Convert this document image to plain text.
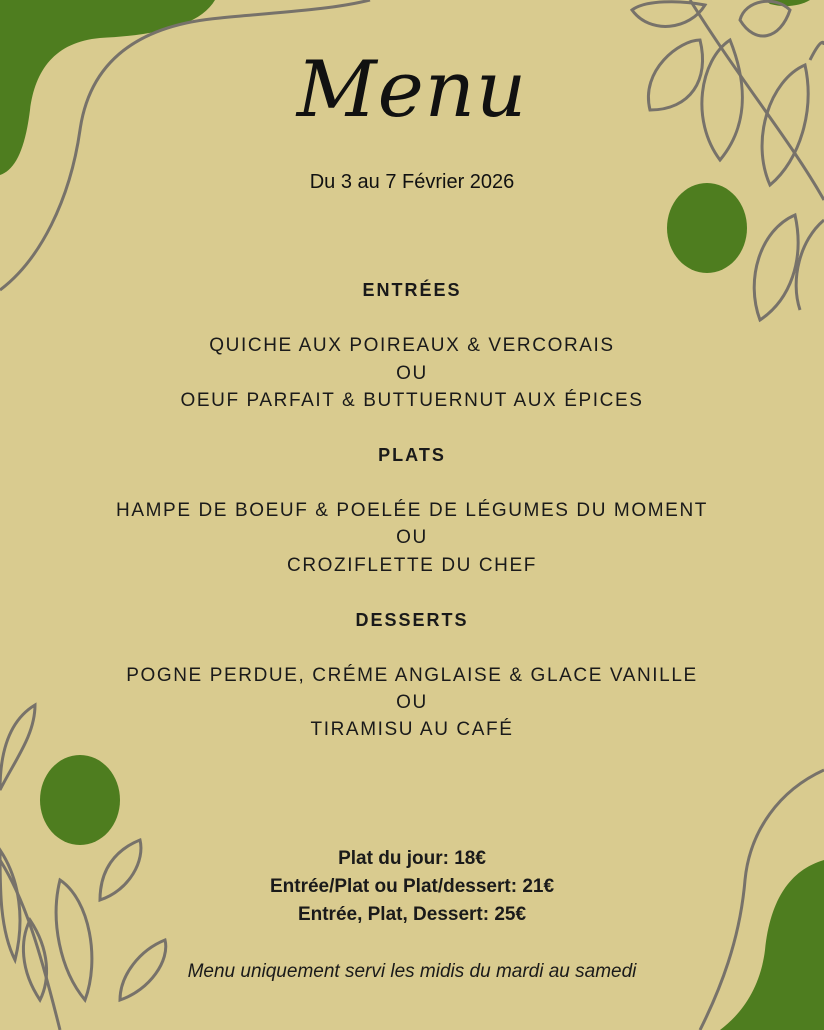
Menu
Du 3 au 7 Février 2026
ENTRÉES
QUICHE AUX POIREAUX & VERCORAIS
OU
OEUF PARFAIT & BUTTUERNUT AUX ÉPICES
PLATS
HAMPE DE BOEUF & POELÉE DE LÉGUMES DU MOMENT
OU
CROZIFLETTE DU CHEF
DESSERTS
POGNE PERDUE, CRÉME ANGLAISE & GLACE VANILLE
OU
TIRAMISU AU CAFÉ
Plat du jour: 18€
Entrée/Plat ou Plat/dessert: 21€
Entrée, Plat, Dessert: 25€
Menu uniquement servi les midis du mardi au samedi
